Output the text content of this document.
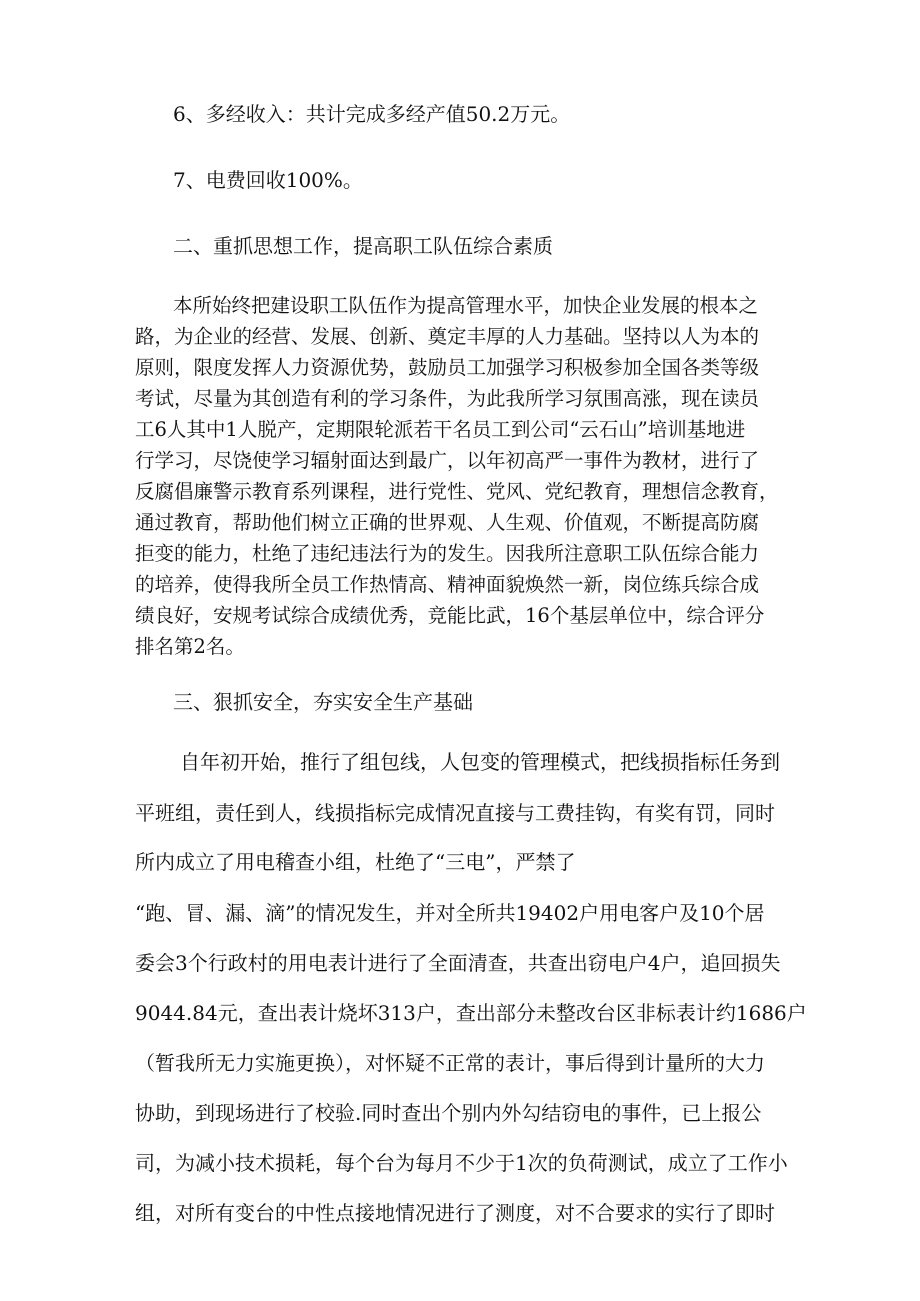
6、多经收入：共计完成多经产值50.2万元。
7、电费回收100%。
二、重抓思想工作，提高职工队伍综合素质
本所始终把建设职工队伍作为提高管理水平，加快企业发展的根本之
路，为企业的经营、发展、创新、奠定丰厚的人力基础。坚持以人为本的
原则，限度发挥人力资源优势，鼓励员工加强学习积极参加全国各类等级
考试，尽量为其创造有利的学习条件，为此我所学习氛围高涨，现在读员
工6人其中1人脱产，定期限轮派若干名员工到公司“云石山”培训基地进
行学习，尽饶使学习辐射面达到最广，以年初高严一事件为教材，进行了
反腐倡廉警示教育系列课程，进行党性、党风、党纪教育，理想信念教育，
通过教育，帮助他们树立正确的世界观、人生观、价值观，不断提高防腐
拒变的能力，杜绝了违纪违法行为的发生。因我所注意职工队伍综合能力
的培养，使得我所全员工作热情高、精神面貌焕然一新，岗位练兵综合成
绩良好，安规考试综合成绩优秀，竞能比武，16个基层单位中，综合评分
排名第2名。
三、狠抓安全，夯实安全生产基础
自年初开始，推行了组包线，人包变的管理模式，把线损指标任务到
平班组，责任到人，线损指标完成情况直接与工费挂钩，有奖有罚，同时
所内成立了用电稽查小组，杜绝了“三电”，严禁了
“跑、冒、漏、滴”的情况发生，并对全所共19402户用电客户及10个居
委会3个行政村的用电表计进行了全面清查，共查出窃电户4户，追回损失
9044.84元，查出表计烧坏313户，查出部分未整改台区非标表计约1686户
（暂我所无力实施更换），对怀疑不正常的表计，事后得到计量所的大力
协助，到现场进行了校验.同时查出个别内外勾结窃电的事件，已上报公
司，为减小技术损耗，每个台为每月不少于1次的负荷测试，成立了工作小
组，对所有变台的中性点接地情况进行了测度，对不合要求的实行了即时
